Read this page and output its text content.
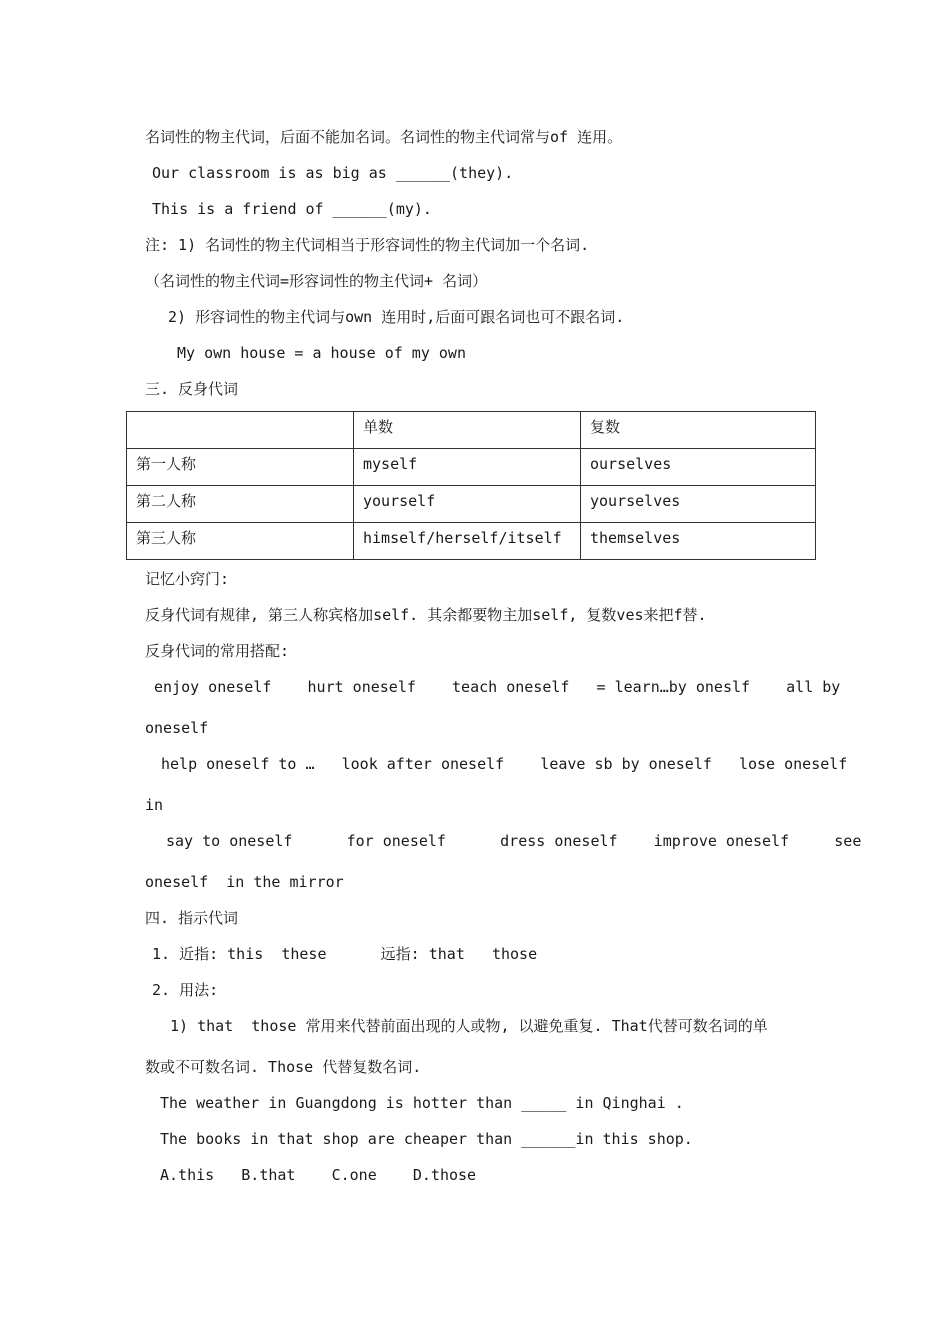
名词性的物主代词，后面不能加名词。名词性的物主代词常与of 连用。
Our classroom is as big as ______(they).
This is a friend of ______(my).
注: 1) 名词性的物主代词相当于形容词性的物主代词加一个名词.
（名词性的物主代词=形容词性的物主代词+ 名词）
2) 形容词性的物主代词与own 连用时,后面可跟名词也可不跟名词.
My own house = a house of my own
三. 反身代词
	单数	复数
第一人称	myself	ourselves
第二人称	yourself	yourselves
第三人称	himself/herself/itself	themselves
记忆小窍门:
反身代词有规律, 第三人称宾格加self. 其余都要物主加self, 复数ves来把f替.
反身代词的常用搭配:
enjoy oneself    hurt oneself    teach oneself   = learn…by oneslf    all by
oneself
help oneself to …   look after oneself    leave sb by oneself   lose oneself
in
say to oneself      for oneself      dress oneself    improve oneself     see
oneself  in the mirror
四. 指示代词
1. 近指: this  these      远指: that   those
2. 用法:
1) that  those 常用来代替前面出现的人或物, 以避免重复. That代替可数名词的单
数或不可数名词. Those 代替复数名词.
The weather in Guangdong is hotter than _____ in Qinghai .
The books in that shop are cheaper than ______in this shop.
A.this   B.that    C.one    D.those
